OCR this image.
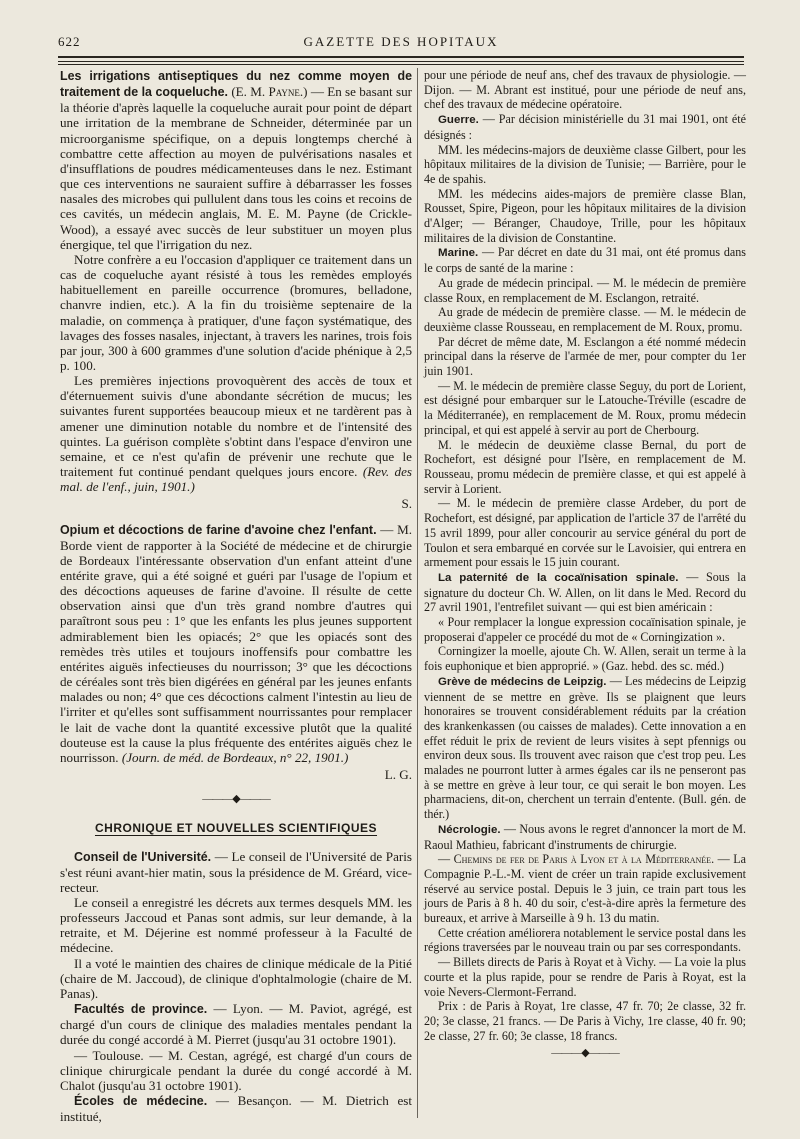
622	GAZETTE DES HOPITAUX

Les irrigations antiseptiques du nez comme moyen de traitement de la coqueluche. (E. M. Payne.) — En se basant sur la théorie d'après laquelle la coqueluche aurait pour point de départ une irritation de la membrane de Schneider, déterminée par un microorganisme spécifique, on a depuis longtemps cherché à combattre cette affection au moyen de pulvérisations nasales et d'insufflations de poudres médicamenteuses dans le nez. Estimant que ces interventions ne sauraient suffire à débarrasser les fosses nasales des microbes qui pullulent dans tous les coins et recoins de ces cavités, un médecin anglais, M. E. M. Payne (de Crickle-Wood), a essayé avec succès de leur substituer un moyen plus énergique, tel que l'irrigation du nez.

Notre confrère a eu l'occasion d'appliquer ce traitement dans un cas de coqueluche ayant résisté à tous les remèdes employés habituellement en pareille occurrence (bromures, belladone, chanvre indien, etc.). A la fin du troisième septenaire de la maladie, on commença à pratiquer, d'une façon systématique, des lavages des fosses nasales, injectant, à travers les narines, trois fois par jour, 300 à 600 grammes d'une solution d'acide phénique à 2,5 p. 100.

Les premières injections provoquèrent des accès de toux et d'éternuement suivis d'une abondante sécrétion de mucus; les suivantes furent supportées beaucoup mieux et ne tardèrent pas à amener une diminution notable du nombre et de l'intensité des quintes. La guérison complète s'obtint dans l'espace d'environ une semaine, et ce n'est qu'afin de prévenir une rechute que le traitement fut continué pendant quelques jours encore. (Rev. des mal. de l'enf., juin, 1901.)

S.

Opium et décoctions de farine d'avoine chez l'enfant. — M. Borde vient de rapporter à la Société de médecine et de chirurgie de Bordeaux l'intéressante observation d'un enfant atteint d'une entérite grave, qui a été soigné et guéri par l'usage de l'opium et des décoctions aqueuses de farine d'avoine. Il résulte de cette observation ainsi que d'un très grand nombre d'autres qui paraîtront sous peu : 1° que les enfants les plus jeunes supportent admirablement bien les opiacés; 2° que les opiacés sont des remèdes très utiles et toujours inoffensifs pour combattre les entérites aiguës infectieuses du nourrisson; 3° que les décoctions de céréales sont très bien digérées en général par les jeunes enfants malades ou non; 4° que ces décoctions calment l'intestin au lieu de l'irriter et qu'elles sont suffisamment nourrissantes pour remplacer le lait de vache dont la quantité excessive plutôt que la qualité douteuse est la cause la plus fréquente des entérites aiguës chez le nourrisson. (Journ. de méd. de Bordeaux, n° 22, 1901.)

L. G.

———◆———
CHRONIQUE ET NOUVELLES SCIENTIFIQUES

Conseil de l'Université. — Le conseil de l'Université de Paris s'est réuni avant-hier matin, sous la présidence de M. Gréard, vice-recteur.

Le conseil a enregistré les décrets aux termes desquels MM. les professeurs Jaccoud et Panas sont admis, sur leur demande, à la retraite, et M. Déjerine est nommé professeur à la Faculté de médecine.

Il a voté le maintien des chaires de clinique médicale de la Pitié (chaire de M. Jaccoud), de clinique d'ophtalmologie (chaire de M. Panas).

Facultés de province. — Lyon. — M. Paviot, agrégé, est chargé d'un cours de clinique des maladies mentales pendant la durée du congé accordé à M. Pierret (jusqu'au 31 octobre 1901).

— Toulouse. — M. Cestan, agrégé, est chargé d'un cours de clinique chirurgicale pendant la durée du congé accordé à M. Chalot (jusqu'au 31 octobre 1901).

Écoles de médecine. — Besançon. — M. Dietrich est institué,

pour une période de neuf ans, chef des travaux de physiologie. — Dijon. — M. Abrant est institué, pour une période de neuf ans, chef des travaux de médecine opératoire.

Guerre. — Par décision ministérielle du 31 mai 1901, ont été désignés :

MM. les médecins-majors de deuxième classe Gilbert, pour les hôpitaux militaires de la division de Tunisie; — Barrière, pour le 4e de spahis.

MM. les médecins aides-majors de première classe Blan, Rousset, Spire, Pigeon, pour les hôpitaux militaires de la division d'Alger; — Béranger, Chaudoye, Trille, pour les hôpitaux militaires de la division de Constantine.

Marine. — Par décret en date du 31 mai, ont été promus dans le corps de santé de la marine :

Au grade de médecin principal. — M. le médecin de première classe Roux, en remplacement de M. Esclangon, retraité.

Au grade de médecin de première classe. — M. le médecin de deuxième classe Rousseau, en remplacement de M. Roux, promu.

Par décret de même date, M. Esclangon a été nommé médecin principal dans la réserve de l'armée de mer, pour compter du 1er juin 1901.

— M. le médecin de première classe Seguy, du port de Lorient, est désigné pour embarquer sur le Latouche-Tréville (escadre de la Méditerranée), en remplacement de M. Roux, promu médecin principal, et qui est appelé à servir au port de Cherbourg.

M. le médecin de deuxième classe Bernal, du port de Rochefort, est désigné pour l'Isère, en remplacement de M. Rousseau, promu médecin de première classe, et qui est appelé à servir à Lorient.

— M. le médecin de première classe Ardeber, du port de Rochefort, est désigné, par application de l'article 37 de l'arrêté du 15 avril 1899, pour aller concourir au service général du port de Toulon et sera embarqué en corvée sur le Lavoisier, qui entrera en armement pour essais le 15 juin courant.

La paternité de la cocaïnisation spinale. — Sous la signature du docteur Ch. W. Allen, on lit dans le Med. Record du 27 avril 1901, l'entrefilet suivant — qui est bien américain :

« Pour remplacer la longue expression cocaïnisation spinale, je proposerai d'appeler ce procédé du mot de « Corningization ».

Corningizer la moelle, ajoute Ch. W. Allen, serait un terme à la fois euphonique et bien approprié. » (Gaz. hebd. des sc. méd.)

Grève de médecins de Leipzig. — Les médecins de Leipzig viennent de se mettre en grève. Ils se plaignent que leurs honoraires se trouvent considérablement réduits par la création des krankenkassen (ou caisses de malades). Cette innovation a en effet réduit le prix de revient de leurs visites à sept pfennigs ou environ deux sous. Ils trouvent avec raison que c'est trop peu. Les malades ne pourront lutter à armes égales car ils ne penseront pas à se mettre en grève à leur tour, ce qui serait le bon moyen. Les pharmaciens, dit-on, cherchent un terrain d'entente. (Bull. gén. de thér.)

Nécrologie. — Nous avons le regret d'annoncer la mort de M. Raoul Mathieu, fabricant d'instruments de chirurgie.

— Chemins de fer de Paris à Lyon et à la Méditerranée. — La Compagnie P.-L.-M. vient de créer un train rapide exclusivement réservé au service postal. Depuis le 3 juin, ce train part tous les jours de Paris à 8 h. 40 du soir, c'est-à-dire après la fermeture des bureaux, et arrive à Marseille à 9 h. 13 du matin.

Cette création améliorera notablement le service postal dans les régions traversées par le nouveau train ou par ses correspondants.

— Billets directs de Paris à Royat et à Vichy. — La voie la plus courte et la plus rapide, pour se rendre de Paris à Royat, est la voie Nevers-Clermont-Ferrand.

Prix : de Paris à Royat, 1re classe, 47 fr. 70; 2e classe, 32 fr. 20; 3e classe, 21 francs. — De Paris à Vichy, 1re classe, 40 fr. 90; 2e classe, 27 fr. 60; 3e classe, 18 francs.

———◆———
